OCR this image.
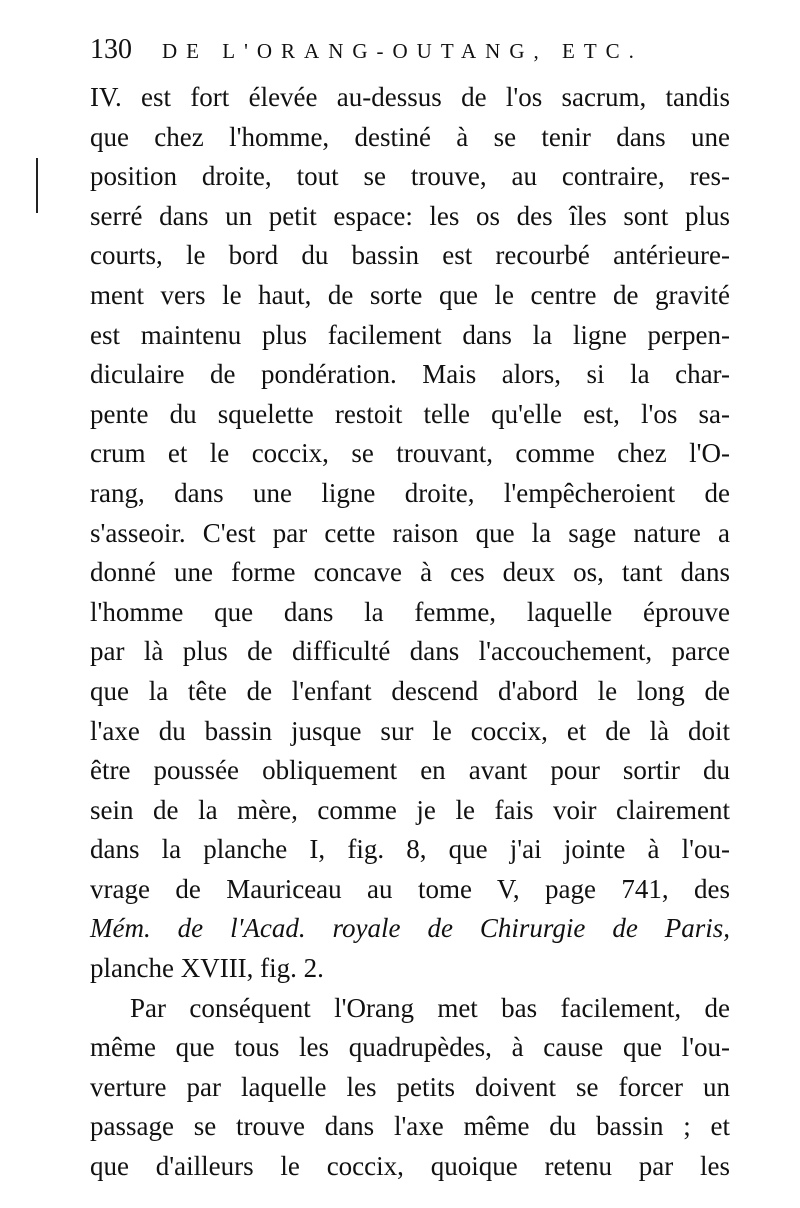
130 DE L'ORANG-OUTANG, ETC.
IV. est fort élevée au-dessus de l'os sacrum, tandis
que chez l'homme, destiné à se tenir dans une
position droite, tout se trouve, au contraire, res-
serré dans un petit espace: les os des îles sont plus
courts, le bord du bassin est recourbé antérieure-
ment vers le haut, de sorte que le centre de gravité
est maintenu plus facilement dans la ligne perpen-
diculaire de pondération. Mais alors, si la char-
pente du squelette restoit telle qu'elle est, l'os sa-
crum et le coccix, se trouvant, comme chez l'O-
rang, dans une ligne droite, l'empêcheroient de
s'asseoir. C'est par cette raison que la sage nature a
donné une forme concave à ces deux os, tant dans
l'homme que dans la femme, laquelle éprouve
par là plus de difficulté dans l'accouchement, parce
que la tête de l'enfant descend d'abord le long de
l'axe du bassin jusque sur le coccix, et de là doit
être poussée obliquement en avant pour sortir du
sein de la mère, comme je le fais voir clairement
dans la planche I, fig. 8, que j'ai jointe à l'ou-
vrage de Mauriceau au tome V, page 741, des
Mém. de l'Acad. royale de Chirurgie de Paris,
planche XVIII, fig. 2.
Par conséquent l'Orang met bas facilement, de
même que tous les quadrupèdes, à cause que l'ou-
verture par laquelle les petits doivent se forcer un
passage se trouve dans l'axe même du bassin ; et
que d'ailleurs le coccix, quoique retenu par les
